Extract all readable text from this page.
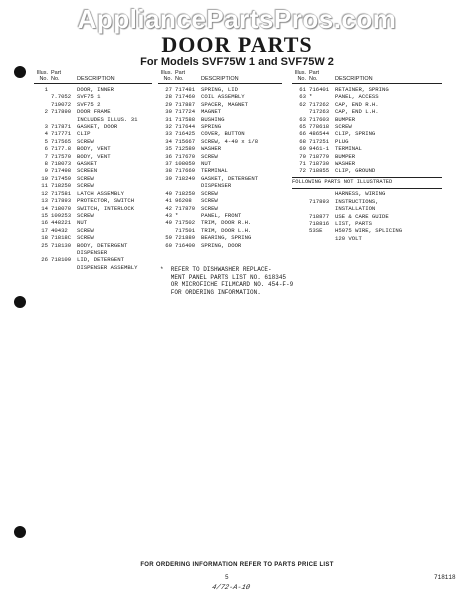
AppliancePartsPros.com
DOOR PARTS
For Models SVF75W 1 and SVF75W 2
Illus. Part
No. No.	DESCRIPTION
1	DOOR, INNER
7.7052	SVF75 1
719072	SVF75 2
2 717890	DOOR FRAME
INCLUDES ILLUS. 31
3 717871	GASKET, DOOR
4 717771	CLIP
5 717565	SCREW
6 7177.8	BODY, VENT
7 717570	BODY, VENT
8 718073	GASKET
9 717498	SCREEN
10 717459	SCREW
11 718250	SCREW
12 717581	LATCH ASSEMBLY
13 717893	PROTECTOR, SWITCH
14 718070	SWITCH, INTERLOCK
15 109253	SCREW
16 448221	NUT
17 40432	SCREW
18 71818C	SCREW
25 718130	BODY, DETERGENT
DISPENSER
26 718109	LID, DETERGENT
DISPENSER ASSEMBLY
Illus. Part
No. No.	DESCRIPTION
27 717481	SPRING, LID
28 717460	COIL ASSEMBLY
29 717887	SPACER, MAGNET
30 717724	MAGNET
31 717588	BUSHING
32 717644	SPRING
33 716425	COVER, BUTTON
34 715667	SCREW, 4-40 x 1/8
35 712589	WASHER
36 717670	SCREW
37 108059	NUT
38 717669	TERMINAL
39 718249	GASKET, DETERGENT
DISPENSER
40 718250	SCREW
41 96208	SCREW
42 717870	SCREW
43 *	PANEL, FRONT
49 717502	TRIM, DOOR R.H.
717501	TRIM, DOOR L.H.
59 721889	BEARING, SPRING
60 716400	SPRING, DOOR
Illus. Part
No. No.	DESCRIPTION
61 716401	RETAINER, SPRING
63 *	PANEL, ACCESS
62 717262	CAP, END R.H.
717263	CAP, END L.H.
63 717603	BUMPER
65 778618	SCREW
66 486544	CLIP, SPRING
68 717251	PLUG
69 9461-1	TERMINAL
70 718779	BUMPER
71 718730	WASHER
72 718855	CLIP, GROUND
FOLLOWING PARTS NOT ILLUSTRATED
HARNESS, WIRING
717893	INSTRUCTIONS,
INSTALLATION
718877	USE & CARE GUIDE
718816	LIST, PARTS
53SE	H5075 WIRE, SPLICING
120 VOLT
*  REFER TO DISHWASHER REPLACE-
MENT PANEL PARTS LIST NO. 618345
OR MICROFICHE FILMCARD NO. 454-F-9
FOR ORDERING INFORMATION.
FOR ORDERING INFORMATION REFER TO PARTS PRICE LIST
5	718118
4/72-A-10
